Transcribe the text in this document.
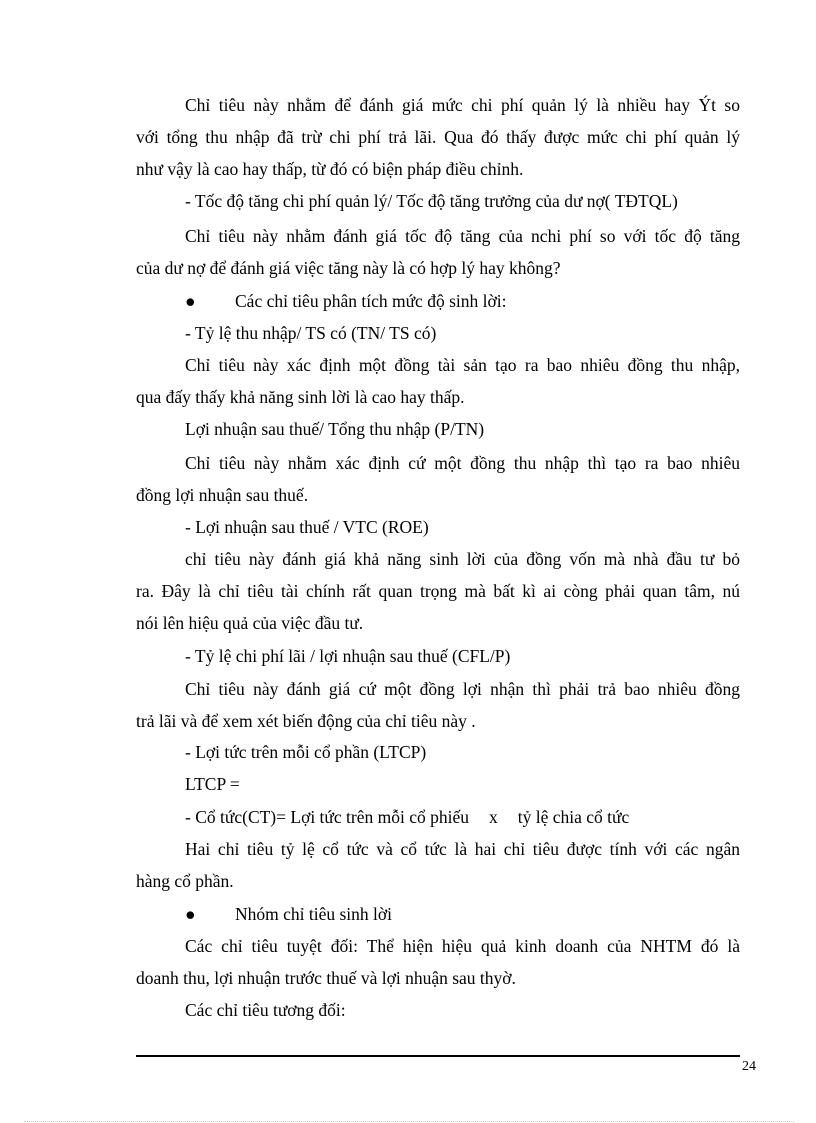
Chỉ tiêu này nhằm để đánh giá mức chi phí quản lý là nhiều hay Ýt so
với tổng thu nhập đã trừ chi phí trả lãi. Qua đó thấy được mức chi phí quản lý
như vậy là cao hay thấp, từ đó có biện pháp điều chỉnh.
- Tốc độ tăng chi phí quản lý/ Tốc độ tăng trưởng của dư nợ( TĐTQL)
Chỉ tiêu này nhằm đánh giá tốc độ tăng của nchi phí so với tốc độ tăng
của dư nợ để đánh giá việc tăng này là có hợp lý hay không?
● Các chỉ tiêu phân tích mức độ sinh lời:
- Tỷ lệ thu nhập/ TS có (TN/ TS có)
Chỉ tiêu này xác định một đồng tài sản tạo ra bao nhiêu đồng thu nhập,
qua đấy thấy khả năng sinh lời là cao hay thấp.
Lợi nhuận sau thuế/ Tổng thu nhập (P/TN)
Chỉ tiêu này nhằm xác định cứ một đồng thu nhập thì tạo ra bao nhiêu
đồng lợi nhuận sau thuế.
- Lợi nhuận sau thuế / VTC (ROE)
chỉ tiêu này đánh giá khả năng sinh lời của đồng vốn mà nhà đầu tư bỏ
ra. Đây là chỉ tiêu tài chính rất quan trọng mà bất kì ai còng phải quan tâm, nú
nói lên hiệu quả của việc đầu tư.
- Tỷ lệ chi phí lãi / lợi nhuận sau thuế (CFL/P)
Chỉ tiêu này đánh giá cứ một đồng lợi nhận thì phải trả bao nhiêu đồng
trả lãi và để xem xét biến động của chỉ tiêu này .
- Lợi tức trên mỗi cổ phần (LTCP)
LTCP =
- Cổ tức(CT)= Lợi tức trên mỗi cổ phiếu x tỷ lệ chia cổ tức
Hai chỉ tiêu tỷ lệ cổ tức và cổ tức là hai chỉ tiêu được tính với các ngân
hàng cổ phần.
● Nhóm chỉ tiêu sinh lời
Các chỉ tiêu tuyệt đối: Thể hiện hiệu quả kinh doanh của NHTM đó là
doanh thu, lợi nhuận trước thuế và lợi nhuận sau thyờ.
Các chỉ tiêu tương đối:
24
